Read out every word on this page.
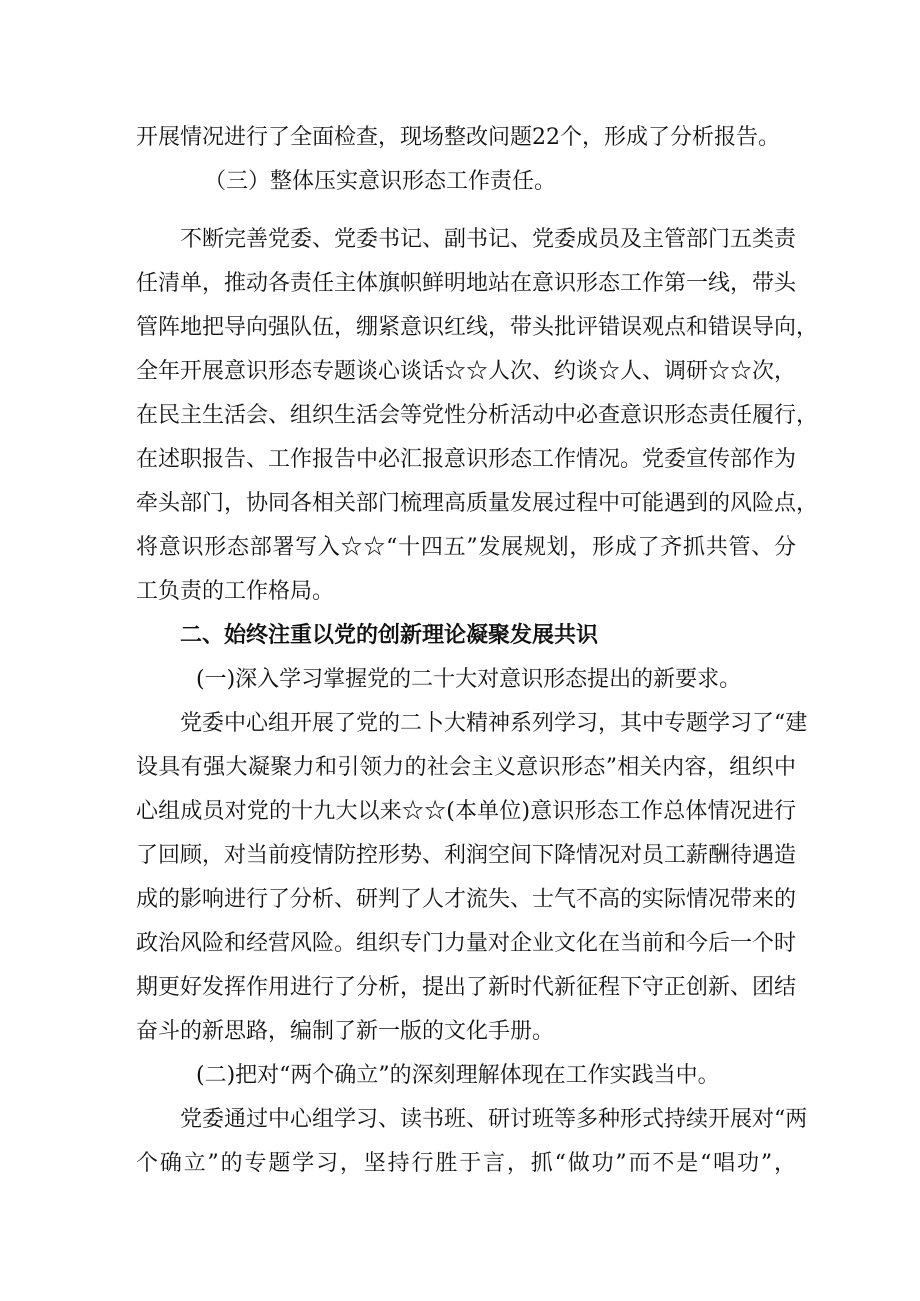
开展情况进行了全面检查，现场整改问题22个，形成了分析报告。
（三）整体压实意识形态工作责任。
不断完善党委、党委书记、副书记、党委成员及主管部门五类责
任清单，推动各责任主体旗帜鲜明地站在意识形态工作第一线，带头
管阵地把导向强队伍，绷紧意识红线，带头批评错误观点和错误导向，
全年开展意识形态专题谈心谈话☆☆人次、约谈☆人、调研☆☆次，
在民主生活会、组织生活会等党性分析活动中必查意识形态责任履行，
在述职报告、工作报告中必汇报意识形态工作情况。党委宣传部作为
牵头部门，协同各相关部门梳理高质量发展过程中可能遇到的风险点，
将意识形态部署写入☆☆“十四五”发展规划，形成了齐抓共管、分
工负责的工作格局。
二、始终注重以党的创新理论凝聚发展共识
(一)深入学习掌握党的二十大对意识形态提出的新要求。
党委中心组开展了党的二卜大精神系列学习，其中专题学习了“建
设具有强大凝聚力和引领力的社会主义意识形态”相关内容，组织中
心组成员对党的十九大以来☆☆(本单位)意识形态工作总体情况进行
了回顾，对当前疫情防控形势、利润空间下降情况对员工薪酬待遇造
成的影响进行了分析、研判了人才流失、士气不高的实际情况带来的
政治风险和经营风险。组织专门力量对企业文化在当前和今后一个时
期更好发挥作用进行了分析，提出了新时代新征程下守正创新、团结
奋斗的新思路，编制了新一版的文化手册。
(二)把对“两个确立”的深刻理解体现在工作实践当中。
党委通过中心组学习、读书班、研讨班等多种形式持续开展对“两
个确立”的专题学习，坚持行胜于言，抓“做功”而不是“唱功”，
